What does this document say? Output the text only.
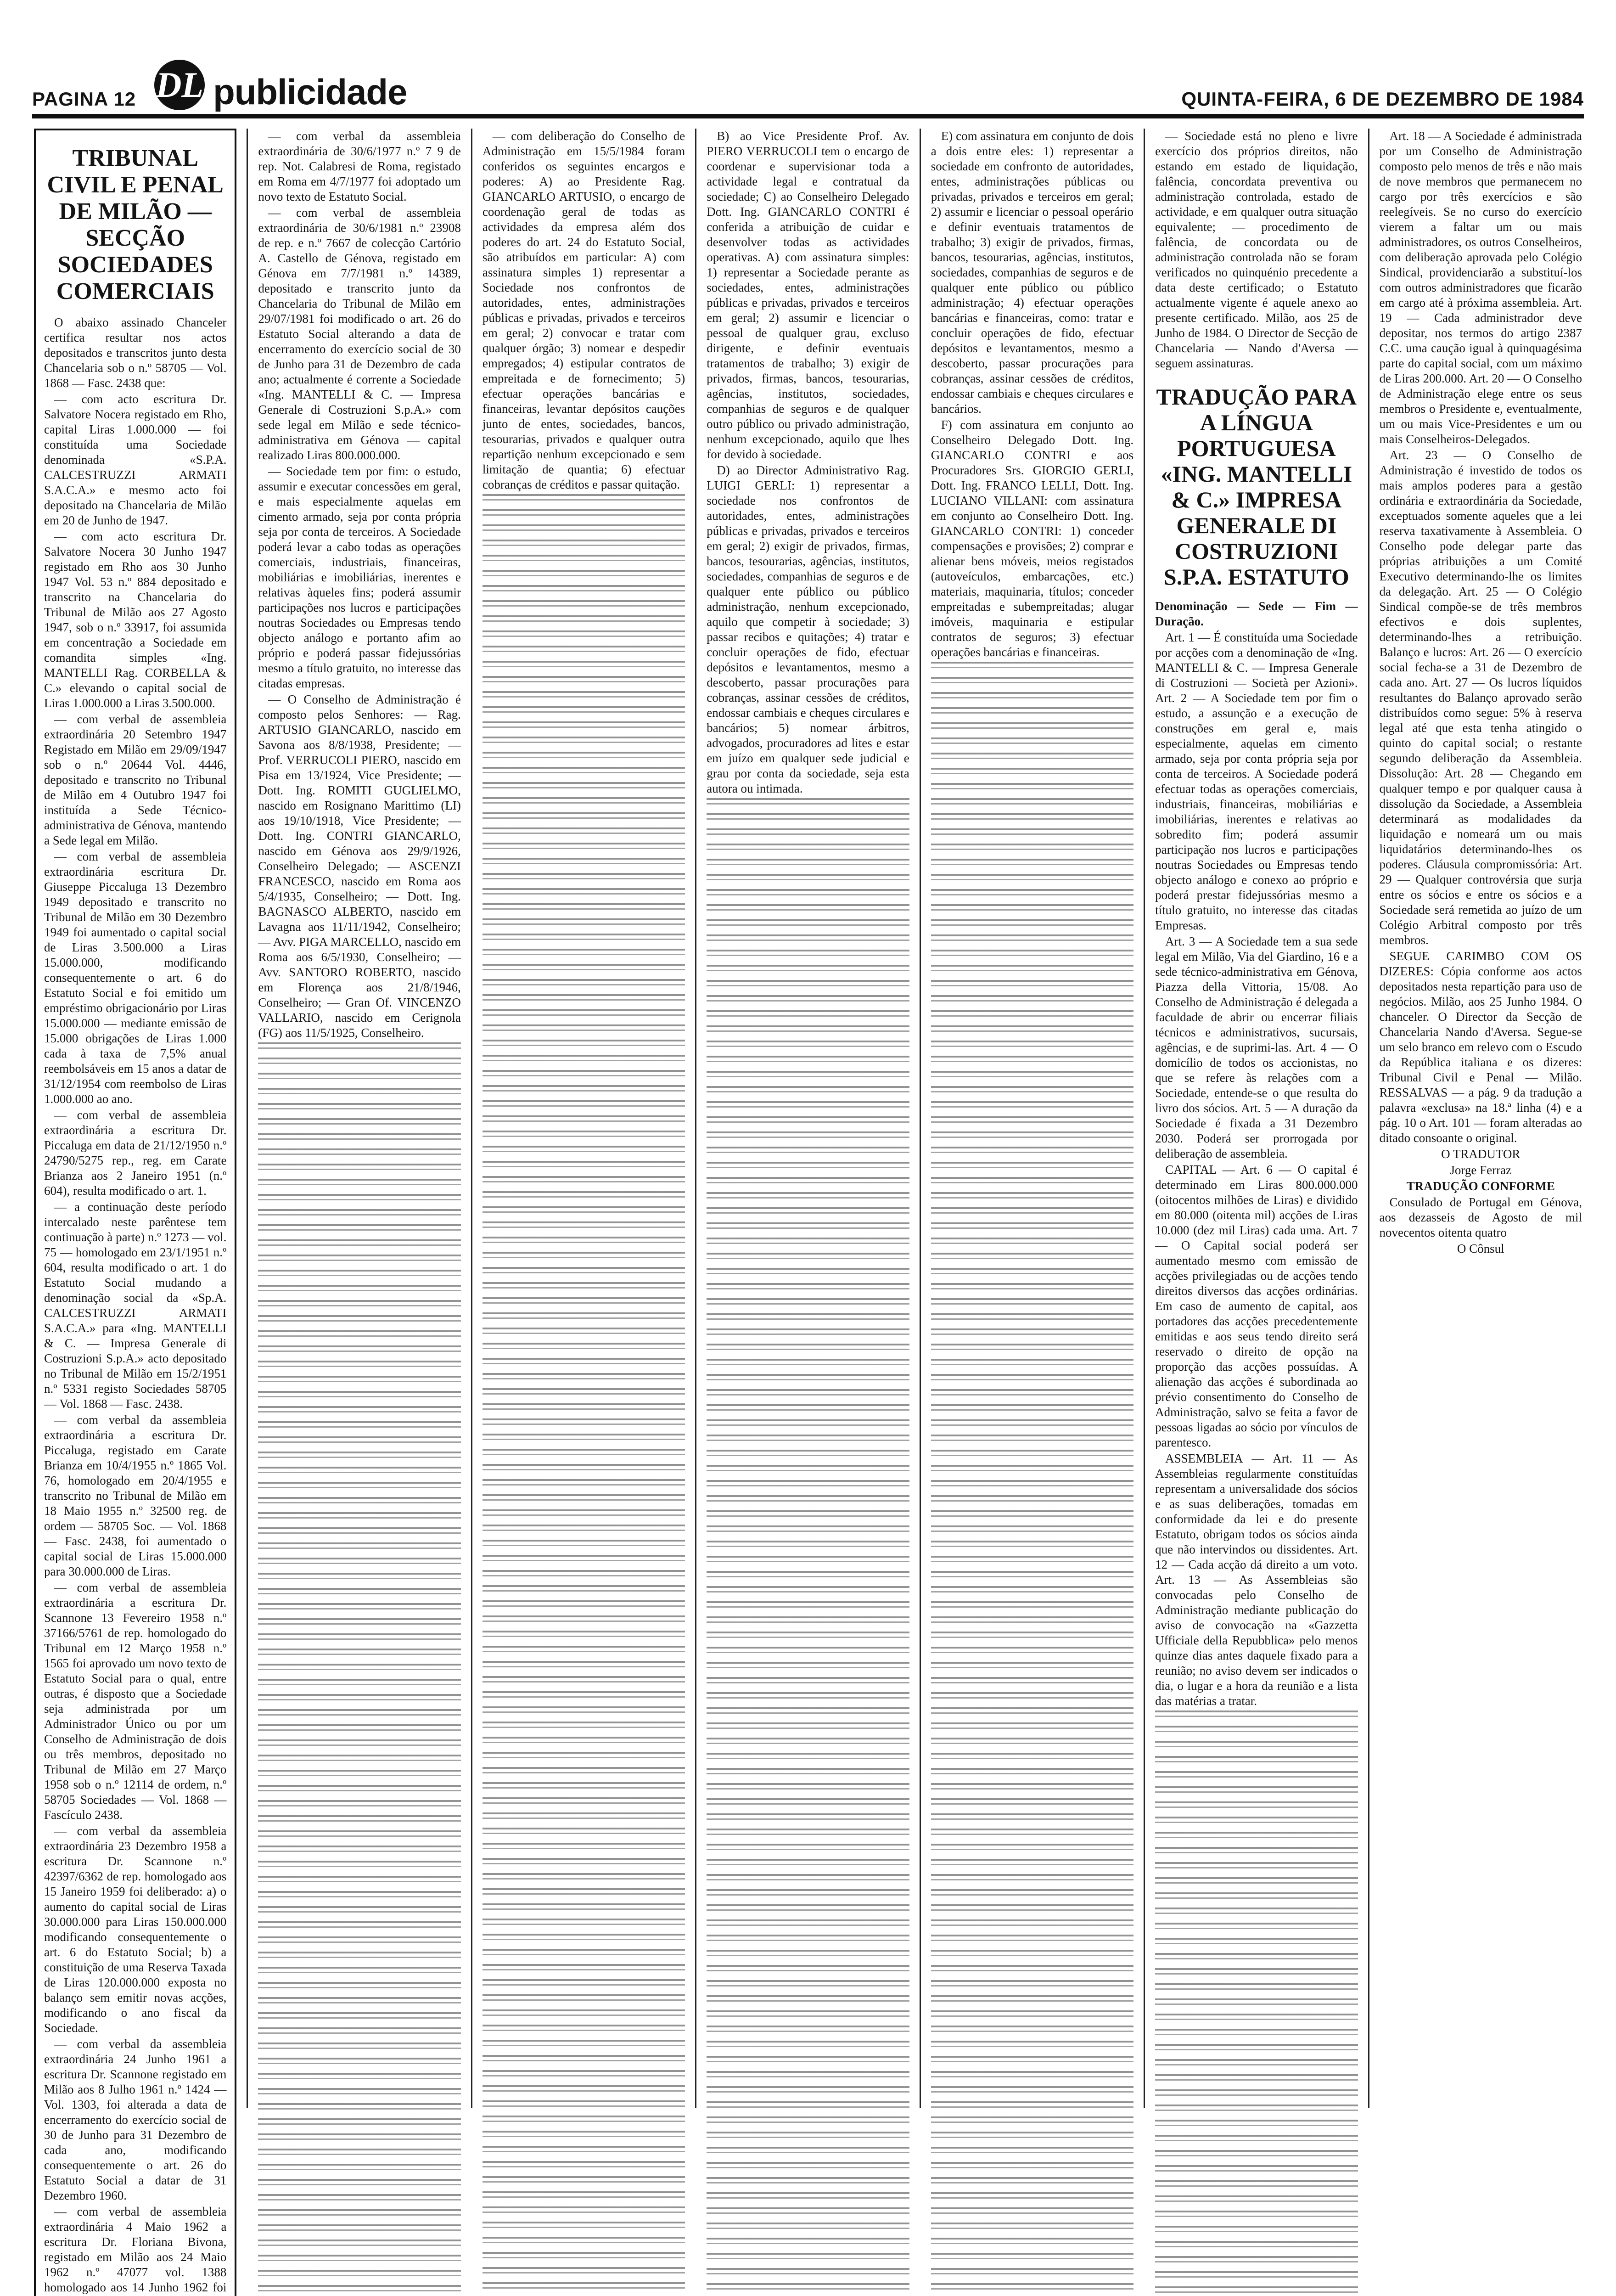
PAGINA 12 DL publicidade	QUINTA-FEIRA, 6 DE DEZEMBRO DE 1984
TRIBUNAL CIVIL E PENAL DE MILÃO — SECÇÃO SOCIEDADES COMERCIAIS

O abaixo assinado Chanceler certifica resultar nos actos depositados e transcritos junto desta Chancelaria sob o n.º 58705 — Vol. 1868 — Fasc. 2438 que:

— com acto escritura Dr. Salvatore Nocera registado em Rho, capital Liras 1.000.000 — foi constituída uma Sociedade denominada «S.P.A. CALCESTRUZZI ARMATI S.A.C.A.» e mesmo acto foi depositado na Chancelaria de Milão em 20 de Junho de 1947.

— com acto escritura Dr. Salvatore Nocera 30 Junho 1947 registado em Rho aos 30 Junho 1947 Vol. 53 n.º 884 depositado e transcrito na Chancelaria do Tribunal de Milão aos 27 Agosto 1947, sob o n.º 33917, foi assumida em concentração a Sociedade em comandita simples «Ing. MANTELLI Rag. CORBELLA & C.» elevando o capital social de Liras 1.000.000 a Liras 3.500.000.

— com verbal de assembleia extraordinária 20 Setembro 1947 Registado em Milão em 29/09/1947 sob o n.º 20644 Vol. 4446, depositado e transcrito no Tribunal de Milão em 4 Outubro 1947 foi instituída a Sede Técnico-administrativa de Génova, mantendo a Sede legal em Milão.

— com verbal de assembleia extraordinária escritura Dr. Giuseppe Piccaluga 13 Dezembro 1949 depositado e transcrito no Tribunal de Milão em 30 Dezembro 1949 foi aumentado o capital social de Liras 3.500.000 a Liras 15.000.000, modificando consequentemente o art. 6 do Estatuto Social e foi emitido um empréstimo obrigacionário por Liras 15.000.000 — mediante emissão de 15.000 obrigações de Liras 1.000 cada à taxa de 7,5% anual reembolsáveis em 15 anos a datar de 31/12/1954 com reembolso de Liras 1.000.000 ao ano.

— com verbal de assembleia extraordinária a escritura Dr. Piccaluga em data de 21/12/1950 n.º 24790/5275 rep., reg. em Carate Brianza aos 2 Janeiro 1951 (n.º 604), resulta modificado o art. 1.

— a continuação deste período intercalado neste parêntese tem continuação à parte) n.º 1273 — vol. 75 — homologado em 23/1/1951 n.º 604, resulta modificado o art. 1 do Estatuto Social mudando a denominação social da «Sp.A. CALCESTRUZZI ARMATI S.A.C.A.» para «Ing. MANTELLI & C. — Impresa Generale di Costruzioni S.p.A.» acto depositado no Tribunal de Milão em 15/2/1951 n.º 5331 registo Sociedades 58705 — Vol. 1868 — Fasc. 2438.

— com verbal da assembleia extraordinária a escritura Dr. Piccaluga, registado em Carate Brianza em 10/4/1955 n.º 1865 Vol. 76, homologado em 20/4/1955 e transcrito no Tribunal de Milão em 18 Maio 1955 n.º 32500 reg. de ordem — 58705 Soc. — Vol. 1868 — Fasc. 2438, foi aumentado o capital social de Liras 15.000.000 para 30.000.000 de Liras.

— com verbal de assembleia extraordinária a escritura Dr. Scannone 13 Fevereiro 1958 n.º 37166/5761 de rep. homologado do Tribunal em 12 Março 1958 n.º 1565 foi aprovado um novo texto de Estatuto Social para o qual, entre outras, é disposto que a Sociedade seja administrada por um Administrador Único ou por um Conselho de Administração de dois ou três membros, depositado no Tribunal de Milão em 27 Março 1958 sob o n.º 12114 de ordem, n.º 58705 Sociedades — Vol. 1868 — Fascículo 2438.

— com verbal da assembleia extraordinária 23 Dezembro 1958 a escritura Dr. Scannone n.º 42397/6362 de rep. homologado aos 15 Janeiro 1959 foi deliberado: a) o aumento do capital social de Liras 30.000.000 para Liras 150.000.000 modificando consequentemente o art. 6 do Estatuto Social; b) a constituição de uma Reserva Taxada de Liras 120.000.000 exposta no balanço sem emitir novas acções, modificando o ano fiscal da Sociedade.

— com verbal da assembleia extraordinária 24 Junho 1961 a escritura Dr. Scannone registado em Milão aos 8 Julho 1961 n.º 1424 — Vol. 1303, foi alterada a data de encerramento do exercício social de 30 de Junho para 31 Dezembro de cada ano, modificando consequentemente o art. 26 do Estatuto Social a datar de 31 Dezembro 1960.

— com verbal de assembleia extraordinária 4 Maio 1962 a escritura Dr. Floriana Bivona, registado em Milão aos 24 Maio 1962 n.º 47077 vol. 1388 homologado aos 14 Junho 1962 foi

— com verbal da assembleia extraordinária de 30/6/1977 n.º 7 9 de rep. Not. Calabresi de Roma, registado em Roma em 4/7/1977 foi adoptado um novo texto de Estatuto Social.

— com verbal de assembleia extraordinária de 30/6/1981 n.º 23908 de rep. e n.º 7667 de colecção Cartório A. Castello de Génova, registado em Génova em 7/7/1981 n.º 14389, depositado e transcrito junto da Chancelaria do Tribunal de Milão em 29/07/1981 foi modificado o art. 26 do Estatuto Social alterando a data de encerramento do exercício social de 30 de Junho para 31 de Dezembro de cada ano; actualmente é corrente a Sociedade «Ing. MANTELLI & C. — Impresa Generale di Costruzioni S.p.A.» com sede legal em Milão e sede técnico-administrativa em Génova — capital realizado Liras 800.000.000.

— Sociedade tem por fim: o estudo, assumir e executar concessões em geral, e mais especialmente aquelas em cimento armado, seja por conta própria seja por conta de terceiros. A Sociedade poderá levar a cabo todas as operações comerciais, industriais, financeiras, mobiliárias e imobiliárias, inerentes e relativas àqueles fins; poderá assumir participações nos lucros e participações noutras Sociedades ou Empresas tendo objecto análogo e portanto afim ao próprio e poderá passar fidejussórias mesmo a título gratuito, no interesse das citadas empresas.

— O Conselho de Administração é composto pelos Senhores: — Rag. ARTUSIO GIANCARLO, nascido em Savona aos 8/8/1938, Presidente; — Prof. VERRUCOLI PIERO, nascido em Pisa em 13/1924, Vice Presidente; — Dott. Ing. ROMITI GUGLIELMO, nascido em Rosignano Marittimo (LI) aos 19/10/1918, Vice Presidente; — Dott. Ing. CONTRI GIANCARLO, nascido em Génova aos 29/9/1926, Conselheiro Delegado; — ASCENZI FRANCESCO, nascido em Roma aos 5/4/1935, Conselheiro; — Dott. Ing. BAGNASCO ALBERTO, nascido em Lavagna aos 11/11/1942, Conselheiro; — Avv. PIGA MARCELLO, nascido em Roma aos 6/5/1930, Conselheiro; — Avv. SANTORO ROBERTO, nascido em Florença aos 21/8/1946, Conselheiro; — Gran Of. VINCENZO VALLARIO, nascido em Cerignola (FG) aos 11/5/1925, Conselheiro.

— com deliberação do Conselho de Administração em 15/5/1984 foram conferidos os seguintes encargos e poderes: A) ao Presidente Rag. GIANCARLO ARTUSIO, o encargo de coordenação geral de todas as actividades da empresa além dos poderes do art. 24 do Estatuto Social, são atribuídos em particular: A) com assinatura simples 1) representar a Sociedade nos confrontos de autoridades, entes, administrações públicas e privadas, privados e terceiros em geral; 2) convocar e tratar com qualquer órgão; 3) nomear e despedir empregados; 4) estipular contratos de empreitada e de fornecimento; 5) efectuar operações bancárias e financeiras, levantar depósitos cauções junto de entes, sociedades, bancos, tesourarias, privados e qualquer outra repartição nenhum excepcionado e sem limitação de quantia; 6) efectuar cobranças de créditos e passar quitação.

B) ao Vice Presidente Prof. Av. PIERO VERRUCOLI tem o encargo de coordenar e supervisionar toda a actividade legal e contratual da sociedade; C) ao Conselheiro Delegado Dott. Ing. GIANCARLO CONTRI é conferida a atribuição de cuidar e desenvolver todas as actividades operativas. A) com assinatura simples: 1) representar a Sociedade perante as sociedades, entes, administrações públicas e privadas, privados e terceiros em geral; 2) assumir e licenciar o pessoal de qualquer grau, excluso dirigente, e definir eventuais tratamentos de trabalho; 3) exigir de privados, firmas, bancos, tesourarias, agências, institutos, sociedades, companhias de seguros e de qualquer outro público ou privado administração, nenhum excepcionado, aquilo que lhes for devido à sociedade.

D) ao Director Administrativo Rag. LUIGI GERLI: 1) representar a sociedade nos confrontos de autoridades, entes, administrações públicas e privadas, privados e terceiros em geral; 2) exigir de privados, firmas, bancos, tesourarias, agências, institutos, sociedades, companhias de seguros e de qualquer ente público ou público administração, nenhum excepcionado, aquilo que competir à sociedade; 3) passar recibos e quitações; 4) tratar e concluir operações de fido, efectuar depósitos e levantamentos, mesmo a descoberto, passar procurações para cobranças, assinar cessões de créditos, endossar cambiais e cheques circulares e bancários; 5) nomear árbitros, advogados, procuradores ad lites e estar em juízo em qualquer sede judicial e grau por conta da sociedade, seja esta autora ou intimada.

E) com assinatura em conjunto de dois a dois entre eles: 1) representar a sociedade em confronto de autoridades, entes, administrações públicas ou privadas, privados e terceiros em geral; 2) assumir e licenciar o pessoal operário e definir eventuais tratamentos de trabalho; 3) exigir de privados, firmas, bancos, tesourarias, agências, institutos, sociedades, companhias de seguros e de qualquer ente público ou público administração; 4) efectuar operações bancárias e financeiras, como: tratar e concluir operações de fido, efectuar depósitos e levantamentos, mesmo a descoberto, passar procurações para cobranças, assinar cessões de créditos, endossar cambiais e cheques circulares e bancários.

F) com assinatura em conjunto ao Conselheiro Delegado Dott. Ing. GIANCARLO CONTRI e aos Procuradores Srs. GIORGIO GERLI, Dott. Ing. FRANCO LELLI, Dott. Ing. LUCIANO VILLANI: com assinatura em conjunto ao Conselheiro Dott. Ing. GIANCARLO CONTRI: 1) conceder compensações e provisões; 2) comprar e alienar bens móveis, meios registados (autoveículos, embarcações, etc.) materiais, maquinaria, títulos; conceder empreitadas e subempreitadas; alugar imóveis, maquinaria e estipular contratos de seguros; 3) efectuar operações bancárias e financeiras.

— Sociedade está no pleno e livre exercício dos próprios direitos, não estando em estado de liquidação, falência, concordata preventiva ou administração controlada, estado de actividade, e em qualquer outra situação equivalente; — procedimento de falência, de concordata ou de administração controlada não se foram verificados no quinquénio precedente a data deste certificado; o Estatuto actualmente vigente é aquele anexo ao presente certificado. Milão, aos 25 de Junho de 1984. O Director de Secção de Chancelaria — Nando d'Aversa — seguem assinaturas.

TRADUÇÃO PARA A LÍNGUA PORTUGUESA «ING. MANTELLI & C.» IMPRESA GENERALE DI COSTRUZIONI S.P.A. ESTATUTO

Denominação — Sede — Fim — Duração.

Art. 1 — É constituída uma Sociedade por acções com a denominação de «Ing. MANTELLI & C. — Impresa Generale di Costruzioni — Società per Azioni». Art. 2 — A Sociedade tem por fim o estudo, a assunção e a execução de construções em geral e, mais especialmente, aquelas em cimento armado, seja por conta própria seja por conta de terceiros. A Sociedade poderá efectuar todas as operações comerciais, industriais, financeiras, mobiliárias e imobiliárias, inerentes e relativas ao sobredito fim; poderá assumir participação nos lucros e participações noutras Sociedades ou Empresas tendo objecto análogo e conexo ao próprio e poderá prestar fidejussórias mesmo a título gratuito, no interesse das citadas Empresas.

Art. 3 — A Sociedade tem a sua sede legal em Milão, Via del Giardino, 16 e a sede técnico-administrativa em Génova, Piazza della Vittoria, 15/08. Ao Conselho de Administração é delegada a faculdade de abrir ou encerrar filiais técnicos e administrativos, sucursais, agências, e de suprimi-las. Art. 4 — O domicílio de todos os accionistas, no que se refere às relações com a Sociedade, entende-se o que resulta do livro dos sócios. Art. 5 — A duração da Sociedade é fixada a 31 Dezembro 2030. Poderá ser prorrogada por deliberação de assembleia.

CAPITAL — Art. 6 — O capital é determinado em Liras 800.000.000 (oitocentos milhões de Liras) e dividido em 80.000 (oitenta mil) acções de Liras 10.000 (dez mil Liras) cada uma. Art. 7 — O Capital social poderá ser aumentado mesmo com emissão de acções privilegiadas ou de acções tendo direitos diversos das acções ordinárias. Em caso de aumento de capital, aos portadores das acções precedentemente emitidas e aos seus tendo direito será reservado o direito de opção na proporção das acções possuídas. A alienação das acções é subordinada ao prévio consentimento do Conselho de Administração, salvo se feita a favor de pessoas ligadas ao sócio por vínculos de parentesco.

ASSEMBLEIA — Art. 11 — As Assembleias regularmente constituídas representam a universalidade dos sócios e as suas deliberações, tomadas em conformidade da lei e do presente Estatuto, obrigam todos os sócios ainda que não intervindos ou dissidentes. Art. 12 — Cada acção dá direito a um voto. Art. 13 — As Assembleias são convocadas pelo Conselho de Administração mediante publicação do aviso de convocação na «Gazzetta Ufficiale della Repubblica» pelo menos quinze dias antes daquele fixado para a reunião; no aviso devem ser indicados o dia, o lugar e a hora da reunião e a lista das matérias a tratar.

Art. 18 — A Sociedade é administrada por um Conselho de Administração composto pelo menos de três e não mais de nove membros que permanecem no cargo por três exercícios e são reelegíveis. Se no curso do exercício vierem a faltar um ou mais administradores, os outros Conselheiros, com deliberação aprovada pelo Colégio Sindical, providenciarão a substituí-los com outros administradores que ficarão em cargo até à próxima assembleia. Art. 19 — Cada administrador deve depositar, nos termos do artigo 2387 C.C. uma caução igual à quinquagésima parte do capital social, com um máximo de Liras 200.000. Art. 20 — O Conselho de Administração elege entre os seus membros o Presidente e, eventualmente, um ou mais Vice-Presidentes e um ou mais Conselheiros-Delegados.

Art. 23 — O Conselho de Administração é investido de todos os mais amplos poderes para a gestão ordinária e extraordinária da Sociedade, exceptuados somente aqueles que a lei reserva taxativamente à Assembleia. O Conselho pode delegar parte das próprias atribuições a um Comité Executivo determinando-lhe os limites da delegação. Art. 25 — O Colégio Sindical compõe-se de três membros efectivos e dois suplentes, determinando-lhes a retribuição. Balanço e lucros: Art. 26 — O exercício social fecha-se a 31 de Dezembro de cada ano. Art. 27 — Os lucros líquidos resultantes do Balanço aprovado serão distribuídos como segue: 5% à reserva legal até que esta tenha atingido o quinto do capital social; o restante segundo deliberação da Assembleia. Dissolução: Art. 28 — Chegando em qualquer tempo e por qualquer causa à dissolução da Sociedade, a Assembleia determinará as modalidades da liquidação e nomeará um ou mais liquidatários determinando-lhes os poderes. Cláusula compromissória: Art. 29 — Qualquer controvérsia que surja entre os sócios e entre os sócios e a Sociedade será remetida ao juízo de um Colégio Arbitral composto por três membros.

SEGUE CARIMBO COM OS DIZERES: Cópia conforme aos actos depositados nesta repartição para uso de negócios. Milão, aos 25 Junho 1984. O chanceler. O Director da Secção de Chancelaria Nando d'Aversa. Segue-se um selo branco em relevo com o Escudo da República italiana e os dizeres: Tribunal Civil e Penal — Milão. RESSALVAS — a pág. 9 da tradução a palavra «exclusa» na 18.ª linha (4) e a pág. 10 o Art. 101 — foram alteradas ao ditado consoante o original.

O TRADUTOR

Jorge Ferraz

TRADUÇÃO CONFORME

Consulado de Portugal em Génova, aos dezasseis de Agosto de mil novecentos oitenta quatro

O Cônsul
